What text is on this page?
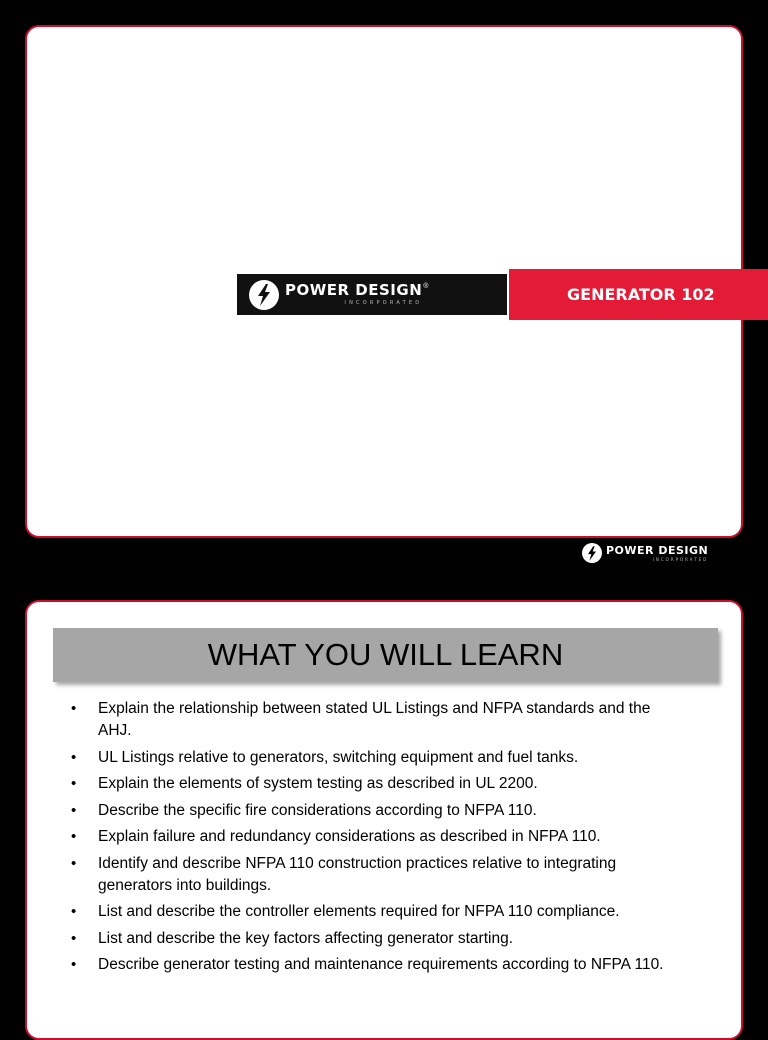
POWER DESIGN
INCORPORATED
®	GENERATOR 102
POWER DESIGN
INCORPORATED
WHAT YOU WILL LEARN
• Explain the relationship between stated UL Listings and NFPA standards and the AHJ.
• UL Listings relative to generators, switching equipment and fuel tanks.
• Explain the elements of system testing as described in UL 2200.
• Describe the specific fire considerations according to NFPA 110.
• Explain failure and redundancy considerations as described in NFPA 110.
• Identify and describe NFPA 110 construction practices relative to integrating generators into buildings.
• List and describe the controller elements required for NFPA 110 compliance.
• List and describe the key factors affecting generator starting.
• Describe generator testing and maintenance requirements according to NFPA 110.
